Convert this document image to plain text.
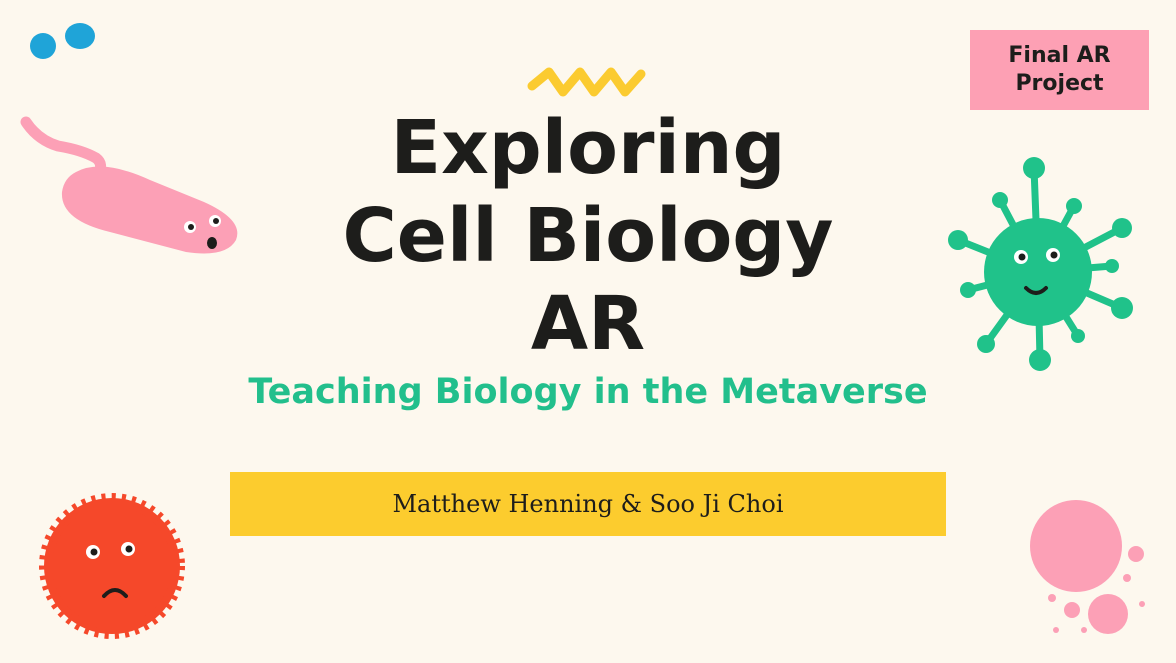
Final AR Project
Exploring
Cell Biology
AR
Teaching Biology in the Metaverse
Matthew Henning & Soo Ji Choi
